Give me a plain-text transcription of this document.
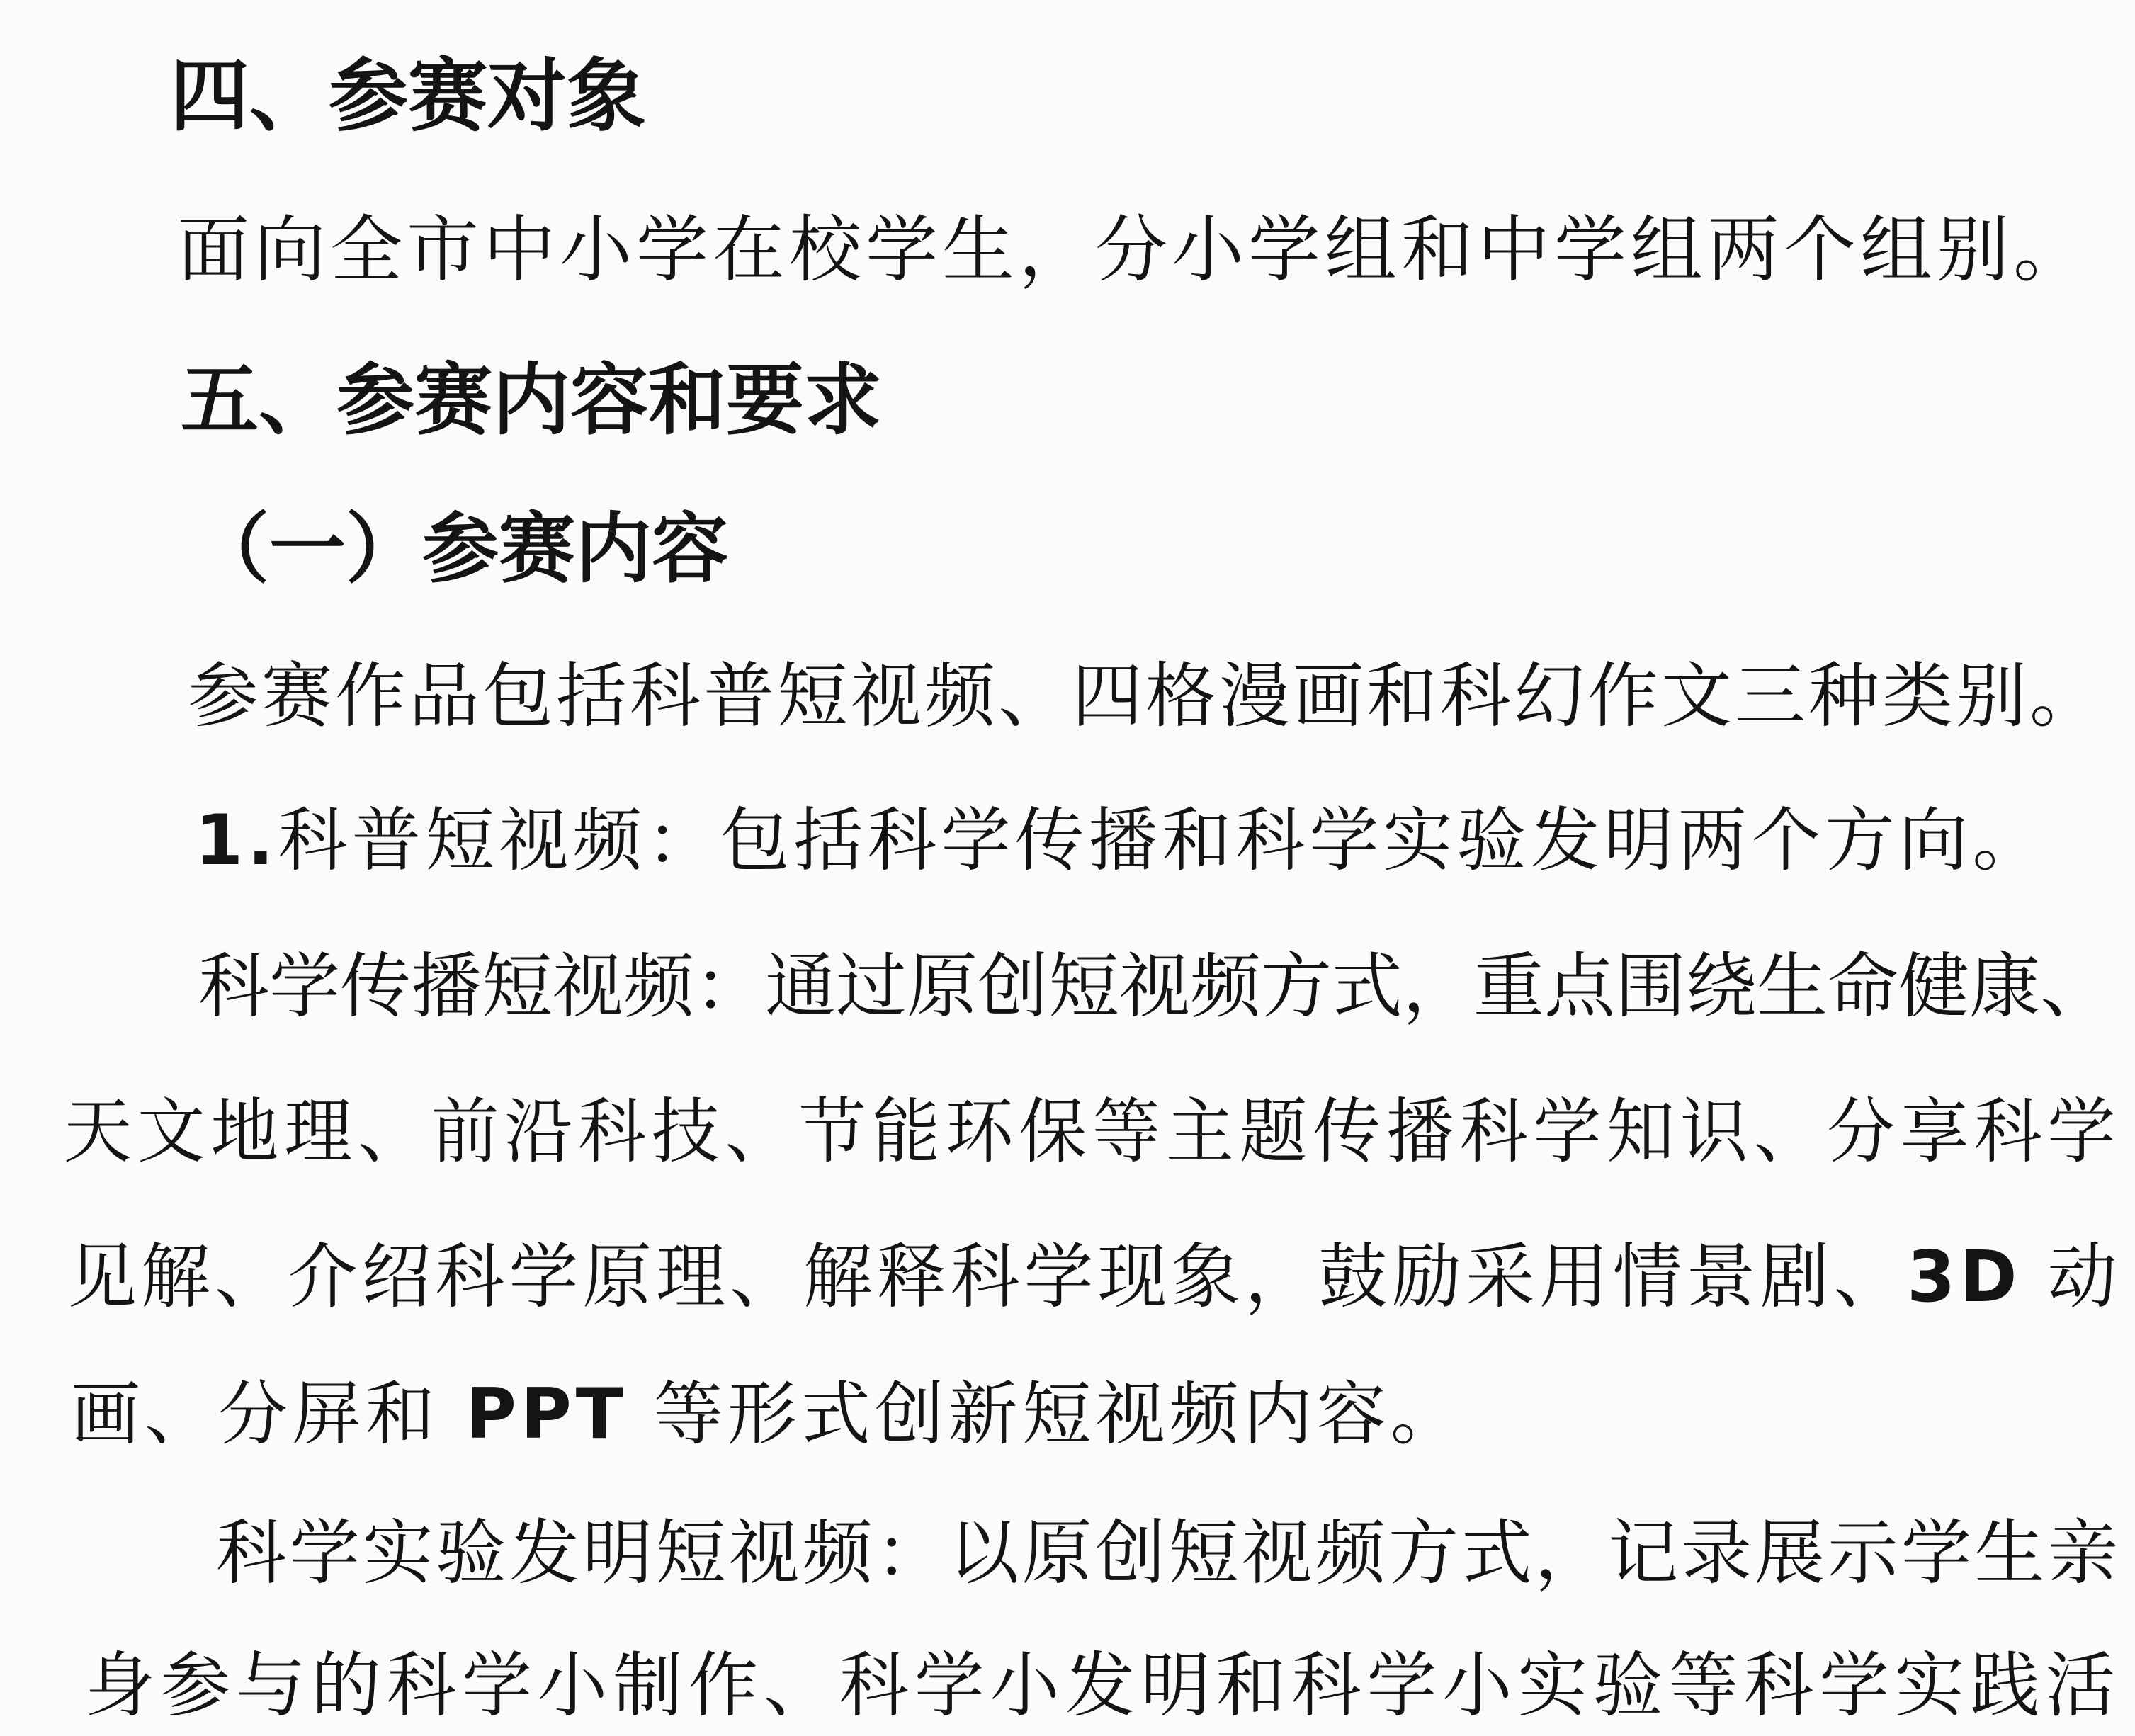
四、参赛对象
面向全市中小学在校学生，分小学组和中学组两个组别。
五、参赛内容和要求
（一）参赛内容
参赛作品包括科普短视频、四格漫画和科幻作文三种类别。
1.科普短视频：包括科学传播和科学实验发明两个方向。
科学传播短视频：通过原创短视频方式，重点围绕生命健康、
天文地理、前沿科技、节能环保等主题传播科学知识、分享科学
见解、介绍科学原理、解释科学现象，鼓励采用情景剧、3D 动
画、分屏和 PPT 等形式创新短视频内容。
科学实验发明短视频：以原创短视频方式，记录展示学生亲
身参与的科学小制作、科学小发明和科学小实验等科学实践活
